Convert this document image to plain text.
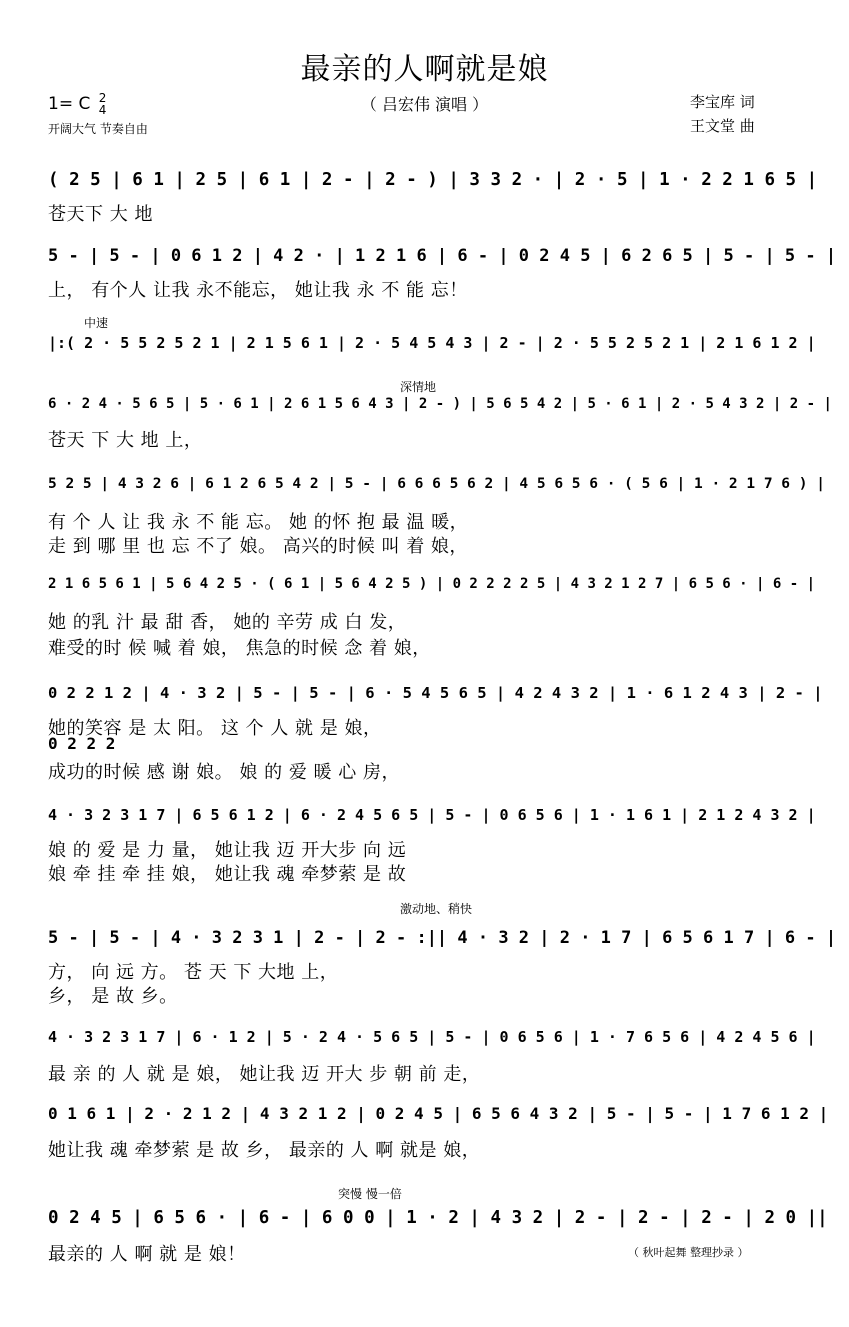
最亲的人啊就是娘
（ 吕宏伟 演唱 ）
1= C 2
4
开阔大气 节奏自由
李宝库 词
王文堂 曲
中速
深情地
激动地、稍快
突慢 慢一倍
( 2 5 | 6 1 | 2 5 | 6 1 | 2 - | 2 - ) | 3 3 2 · | 2 · 5 | 1 · 2 2 1 6 5 |
苍天下 大 地
5 - | 5 - | 0 6 1 2 | 4 2 · | 1 2 1 6 | 6 - | 0 2 4 5 | 6 2 6 5 | 5 - | 5 - |
上， 有个人 让我 永不能忘， 她让我 永 不 能 忘！
|:( 2 · 5 5 2 5 2 1 | 2 1 5 6 1 | 2 · 5 4 5 4 3 | 2 - | 2 · 5 5 2 5 2 1 | 2 1 6 1 2 |
6 · 2 4 · 5 6 5 | 5 · 6 1 | 2 6 1 5 6 4 3 | 2 - ) | 5 6 5 4 2 | 5 · 6 1 | 2 · 5 4 3 2 | 2 - |
苍天 下 大 地 上，
5 2 5 | 4 3 2 6 | 6 1 2 6 5 4 2 | 5 - | 6 6 6 5 6 2 | 4 5 6 5 6 · ( 5 6 | 1 · 2 1 7 6 ) |
有 个 人 让 我 永 不 能 忘。 她 的怀 抱 最 温 暖，
走 到 哪 里 也 忘 不了 娘。 高兴的时候 叫 着 娘，
2 1 6 5 6 1 | 5 6 4 2 5 · ( 6 1 | 5 6 4 2 5 ) | 0 2 2 2 2 5 | 4 3 2 1 2 7 | 6 5 6 · | 6 - |
她 的乳 汁 最 甜 香， 她的 辛劳 成 白 发，
难受的时 候 喊 着 娘， 焦急的时候 念 着 娘，
0 2 2 1 2 | 4 · 3 2 | 5 - | 5 - | 6 · 5 4 5 6 5 | 4 2 4 3 2 | 1 · 6 1 2 4 3 | 2 - |
她的笑容 是 太 阳。 这 个 人 就 是 娘，
0 2 2 2
成功的时候 感 谢 娘。 娘 的 爱 暖 心 房，
4 · 3 2 3 1 7 | 6 5 6 1 2 | 6 · 2 4 5 6 5 | 5 - | 0 6 5 6 | 1 · 1 6 1 | 2 1 2 4 3 2 |
娘 的 爱 是 力 量， 她让我 迈 开大步 向 远
娘 牵 挂 牵 挂 娘， 她让我 魂 牵梦萦 是 故
5 - | 5 - | 4 · 3 2 3 1 | 2 - | 2 - :|| 4 · 3 2 | 2 · 1 7 | 6 5 6 1 7 | 6 - |
方， 向 远 方。 苍 天 下 大地 上，
乡， 是 故 乡。
4 · 3 2 3 1 7 | 6 · 1 2 | 5 · 2 4 · 5 6 5 | 5 - | 0 6 5 6 | 1 · 7 6 5 6 | 4 2 4 5 6 |
最 亲 的 人 就 是 娘， 她让我 迈 开大 步 朝 前 走，
0 1 6 1 | 2 · 2 1 2 | 4 3 2 1 2 | 0 2 4 5 | 6 5 6 4 3 2 | 5 - | 5 - | 1 7 6 1 2 |
她让我 魂 牵梦萦 是 故 乡， 最亲的 人 啊 就是 娘，
0 2 4 5 | 6 5 6 · | 6 - | 6 0 0 | 1 · 2 | 4 3 2 | 2 - | 2 - | 2 - | 2 0 ||
最亲的 人 啊 就 是 娘！	（ 秋叶起舞 整理抄录 ）
